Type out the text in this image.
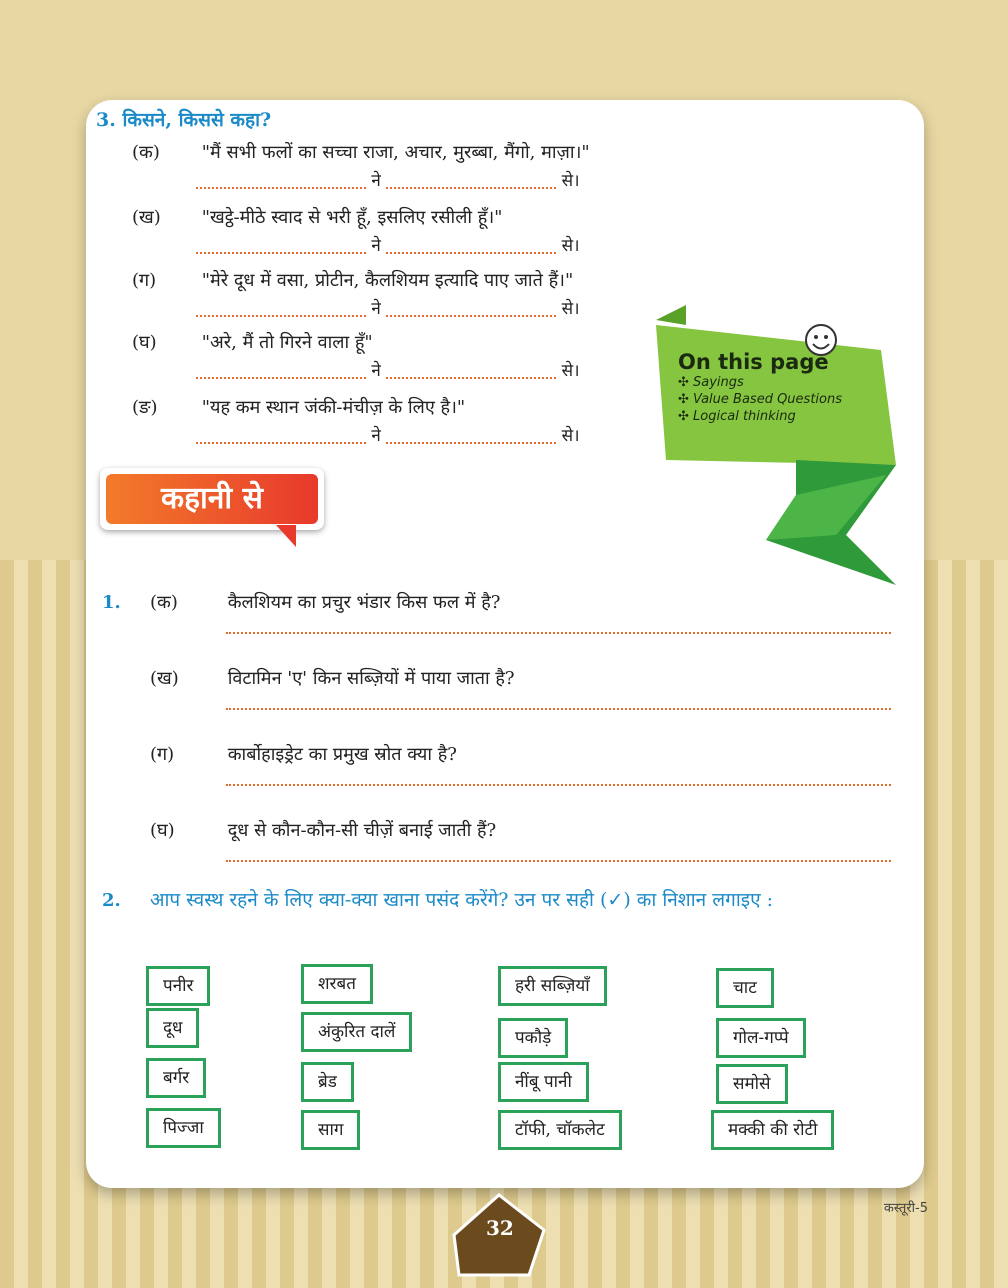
3. किसने, किससे कहा?
(क) "मैं सभी फलों का सच्चा राजा, अचार, मुरब्बा, मैंगो, माज़ा।"
ने	से।
(ख) "खट्ठे-मीठे स्वाद से भरी हूँ, इसलिए रसीली हूँ।"
ने	से।
(ग)	"मेरे दूध में वसा, प्रोटीन, कैलशियम इत्यादि पाए जाते हैं।"
ने	से।
(घ)	"अरे, मैं तो गिरने वाला हूँ"
ने	से।
(ङ) "यह कम स्थान जंकी-मंचीज़ के लिए है।"
ने	से।
On this page
✣ Sayings
✣ Value Based Questions
✣ Logical thinking
कहानी से
1. (क)	कैलशियम का प्रचुर भंडार किस फल में है?
(ख)	विटामिन 'ए' किन सब्ज़ियों में पाया जाता है?
(ग)	कार्बोहाइड्रेट का प्रमुख स्रोत क्या है?
(घ)	दूध से कौन-कौन-सी चीज़ें बनाई जाती हैं?
2. आप स्वस्थ रहने के लिए क्या-क्या खाना पसंद करेंगे? उन पर सही (✓) का निशान लगाइए :
पनीर	शरबत	हरी सब्ज़ियाँ	चाट
दूध	अंकुरित दालें	पकौड़े	गोल-गप्पे
बर्गर	ब्रेड	नींबू पानी	समोसे
पिज्जा	साग	टॉफी, चॉकलेट	मक्की की रोटी
32
कस्तूरी-5
